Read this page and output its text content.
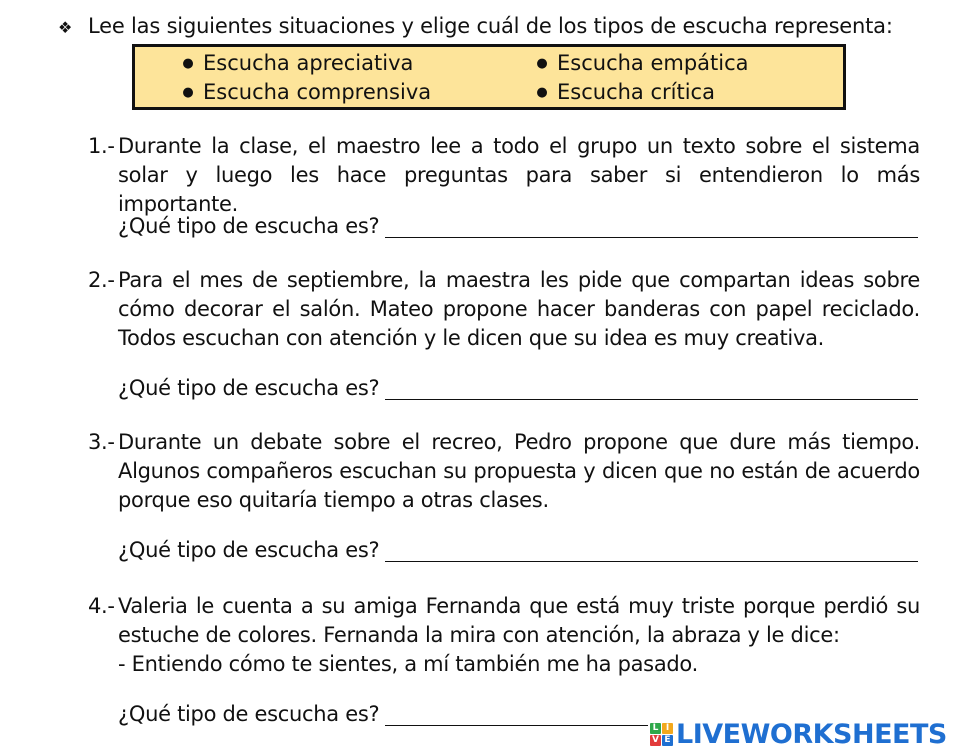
❖ Lee las siguientes situaciones y elige cuál de los tipos de escucha representa:
● Escucha apreciativa
● Escucha comprensiva
● Escucha empática
● Escucha crítica
1.- Durante la clase, el maestro lee a todo el grupo un texto sobre el sistema solar y luego les hace preguntas para saber si entendieron lo más importante.
¿Qué tipo de escucha es?
2.- Para el mes de septiembre, la maestra les pide que compartan ideas sobre cómo decorar el salón. Mateo propone hacer banderas con papel reciclado. Todos escuchan con atención y le dicen que su idea es muy creativa.
¿Qué tipo de escucha es?
3.- Durante un debate sobre el recreo, Pedro propone que dure más tiempo. Algunos compañeros escuchan su propuesta y dicen que no están de acuerdo porque eso quitaría tiempo a otras clases.
¿Qué tipo de escucha es?
4.- Valeria le cuenta a su amiga Fernanda que está muy triste porque perdió su estuche de colores. Fernanda la mira con atención, la abraza y le dice:
- Entiendo cómo te sientes, a mí también me ha pasado.
¿Qué tipo de escucha es?
L I
V E LIVEWORKSHEETS
